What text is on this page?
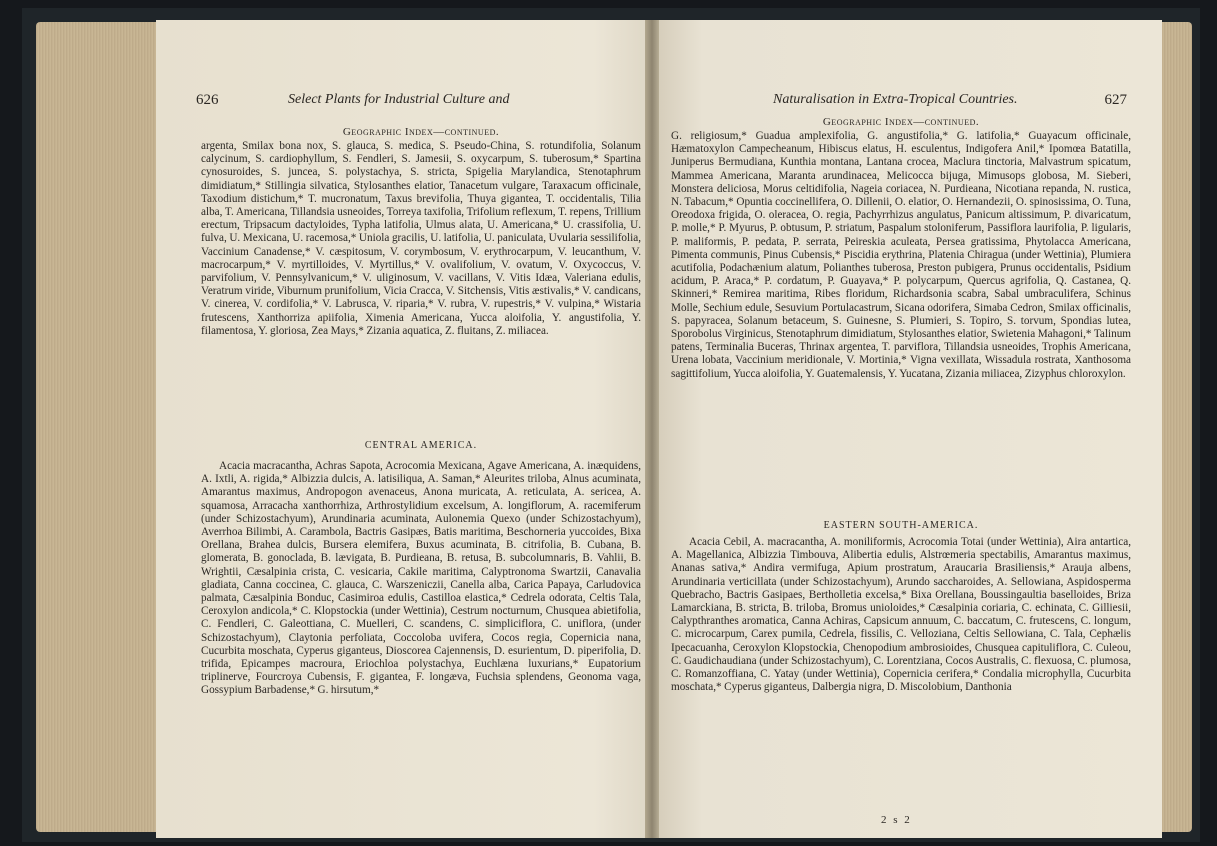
626	Select Plants for Industrial Culture and
Geographic Index—continued.
argenta, Smilax bona nox, S. glauca, S. medica, S. Pseudo-China, S. rotundifolia, Solanum calycinum, S. cardiophyllum, S. Fendleri, S. Jamesii, S. oxycarpum, S. tuberosum,* Spartina cynosuroides, S. juncea, S. polystachya, S. stricta, Spigelia Marylandica, Stenotaphrum dimidiatum,* Stillingia silvatica, Stylosanthes elatior, Tanacetum vulgare, Taraxacum officinale, Taxodium distichum,* T. mucronatum, Taxus brevifolia, Thuya gigantea, T. occidentalis, Tilia alba, T. Americana, Tillandsia usneoides, Torreya taxifolia, Trifolium reflexum, T. repens, Trillium erectum, Tripsacum dactyloides, Typha latifolia, Ulmus alata, U. Americana,* U. crassifolia, U. fulva, U. Mexicana, U. racemosa,* Uniola gracilis, U. latifolia, U. paniculata, Uvularia sessilifolia, Vaccinium Canadense,* V. cæspitosum, V. corymbosum, V. erythrocarpum, V. leucanthum, V. macrocarpum,* V. myrtilloides, V. Myrtillus,* V. ovalifolium, V. ovatum, V. Oxycoccus, V. parvifolium, V. Pennsylvanicum,* V. uliginosum, V. vacillans, V. Vitis Idæa, Valeriana edulis, Veratrum viride, Viburnum prunifolium, Vicia Cracca, V. Sitchensis, Vitis æstivalis,* V. candicans, V. cinerea, V. cordifolia,* V. Labrusca, V. riparia,* V. rubra, V. rupestris,* V. vulpina,* Wistaria frutescens, Xanthorriza apiifolia, Ximenia Americana, Yucca aloifolia, Y. angustifolia, Y. filamentosa, Y. gloriosa, Zea Mays,* Zizania aquatica, Z. fluitans, Z. miliacea.
CENTRAL AMERICA.
Acacia macracantha, Achras Sapota, Acrocomia Mexicana, Agave Americana, A. inæquidens, A. Ixtli, A. rigida,* Albizzia dulcis, A. latisiliqua, A. Saman,* Aleurites triloba, Alnus acuminata, Amarantus maximus, Andropogon avenaceus, Anona muricata, A. reticulata, A. sericea, A. squamosa, Arracacha xanthorrhiza, Arthrostylidium excelsum, A. longiflorum, A. racemiferum (under Schizostachyum), Arundinaria acuminata, Aulonemia Quexo (under Schizostachyum), Averrhoa Bilimbi, A. Carambola, Bactris Gasipæs, Batis maritima, Beschorneria yuccoides, Bixa Orellana, Brahea dulcis, Bursera elemifera, Buxus acuminata, B. citrifolia, B. Cubana, B. glomerata, B. gonoclada, B. lævigata, B. Purdieana, B. retusa, B. subcolumnaris, B. Vahlii, B. Wrightii, Cæsalpinia crista, C. vesicaria, Cakile maritima, Calyptronoma Swartzii, Canavalia gladiata, Canna coccinea, C. glauca, C. Warszeniczii, Canella alba, Carica Papaya, Carludovica palmata, Cæsalpinia Bonduc, Casimiroa edulis, Castilloa elastica,* Cedrela odorata, Celtis Tala, Ceroxylon andicola,* C. Klopstockia (under Wettinia), Cestrum nocturnum, Chusquea abietifolia, C. Fendleri, C. Galeottiana, C. Muelleri, C. scandens, C. simpliciflora, C. uniflora, (under Schizostachyum), Claytonia perfoliata, Coccoloba uvifera, Cocos regia, Copernicia nana, Cucurbita moschata, Cyperus giganteus, Dioscorea Cajennensis, D. esurientum, D. piperifolia, D. trifida, Epicampes macroura, Eriochloa polystachya, Euchlæna luxurians,* Eupatorium triplinerve, Fourcroya Cubensis, F. gigantea, F. longæva, Fuchsia splendens, Geonoma vaga, Gossypium Barbadense,* G. hirsutum,*
Naturalisation in Extra-Tropical Countries.	627
Geographic Index—continued.
G. religiosum,* Guadua amplexifolia, G. angustifolia,* G. latifolia,* Guayacum officinale, Hæmatoxylon Campecheanum, Hibiscus elatus, H. esculentus, Indigofera Anil,* Ipomœa Batatilla, Juniperus Bermudiana, Kunthia montana, Lantana crocea, Maclura tinctoria, Malvastrum spicatum, Mammea Americana, Maranta arundinacea, Melicocca bijuga, Mimusops globosa, M. Sieberi, Monstera deliciosa, Morus celtidifolia, Nageia coriacea, N. Purdieana, Nicotiana repanda, N. rustica, N. Tabacum,* Opuntia coccinellifera, O. Dillenii, O. elatior, O. Hernandezii, O. spinosissima, O. Tuna, Oreodoxa frigida, O. oleracea, O. regia, Pachyrrhizus angulatus, Panicum altissimum, P. divaricatum, P. molle,* P. Myurus, P. obtusum, P. striatum, Paspalum stoloniferum, Passiflora laurifolia, P. ligularis, P. maliformis, P. pedata, P. serrata, Peireskia aculeata, Persea gratissima, Phytolacca Americana, Pimenta communis, Pinus Cubensis,* Piscidia erythrina, Platenia Chiragua (under Wettinia), Plumiera acutifolia, Podachænium alatum, Polianthes tuberosa, Preston pubigera, Prunus occidentalis, Psidium acidum, P. Araca,* P. cordatum, P. Guayava,* P. polycarpum, Quercus agrifolia, Q. Castanea, Q. Skinneri,* Remirea maritima, Ribes floridum, Richardsonia scabra, Sabal umbraculifera, Schinus Molle, Sechium edule, Sesuvium Portulacastrum, Sicana odorifera, Simaba Cedron, Smilax officinalis, S. papyracea, Solanum betaceum, S. Guinesne, S. Plumieri, S. Topiro, S. torvum, Spondias lutea, Sporobolus Virginicus, Stenotaphrum dimidiatum, Stylosanthes elatior, Swietenia Mahagoni,* Talinum patens, Terminalia Buceras, Thrinax argentea, T. parviflora, Tillandsia usneoides, Trophis Americana, Urena lobata, Vaccinium meridionale, V. Mortinia,* Vigna vexillata, Wissadula rostrata, Xanthosoma sagittifolium, Yucca aloifolia, Y. Guatemalensis, Y. Yucatana, Zizania miliacea, Zizyphus chloroxylon.
EASTERN SOUTH-AMERICA.
Acacia Cebil, A. macracantha, A. moniliformis, Acrocomia Totai (under Wettinia), Aira antartica, A. Magellanica, Albizzia Timbouva, Alibertia edulis, Alstrœmeria spectabilis, Amarantus maximus, Ananas sativa,* Andira vermifuga, Apium prostratum, Araucaria Brasiliensis,* Arauja albens, Arundinaria verticillata (under Schizostachyum), Arundo saccharoides, A. Sellowiana, Aspidosperma Quebracho, Bactris Gasipaes, Bertholletia excelsa,* Bixa Orellana, Boussingaultia baselloides, Briza Lamarckiana, B. stricta, B. triloba, Bromus unioloides,* Cæsalpinia coriaria, C. echinata, C. Gilliesii, Calypthranthes aromatica, Canna Achiras, Capsicum annuum, C. baccatum, C. frutescens, C. longum, C. microcarpum, Carex pumila, Cedrela, fissilis, C. Velloziana, Celtis Sellowiana, C. Tala, Cephælis Ipecacuanha, Ceroxylon Klopstockia, Chenopodium ambrosioides, Chusquea capituliflora, C. Culeou, C. Gaudichaudiana (under Schizostachyum), C. Lorentziana, Cocos Australis, C. flexuosa, C. plumosa, C. Romanzoffiana, C. Yatay (under Wettinia), Copernicia cerifera,* Condalia microphylla, Cucurbita moschata,* Cyperus giganteus, Dalbergia nigra, D. Miscolobium, Danthonia
2 s 2
